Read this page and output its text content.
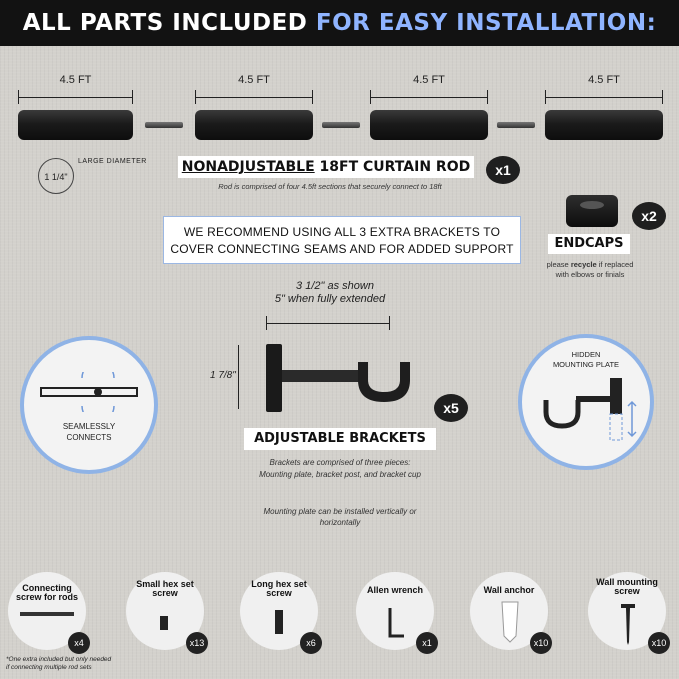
ALL PARTS INCLUDED FOR EASY INSTALLATION:
4.5 FT	4.5 FT	4.5 FT	4.5 FT
1 1/4"
LARGE DIAMETER	NONADJUSTABLE 18FT CURTAIN ROD	x1
Rod is comprised of four 4.5ft sections that securely connect to 18ft
WE RECOMMEND USING ALL 3 EXTRA BRACKETS TO
COVER CONNECTING SEAMS AND FOR ADDED SUPPORT
x2
ENDCAPS
please recycle if replaced
with elbows or finials
3 1/2" as shown
5" when fully extended
1 7/8"
x5
ADJUSTABLE BRACKETS
Brackets are comprised of three pieces:
Mounting plate, bracket post, and bracket cup
Mounting plate can be installed vertically or
horizontally
SEAMLESSLY
CONNECTS
HIDDEN
MOUNTING PLATE
Connecting screw for rods
x4
Small hex set screw
x13
Long hex set screw
x6
Allen wrench
x1
Wall anchor
x10
Wall mounting screw
x10
*One extra included but only needed
if connecting multiple rod sets
